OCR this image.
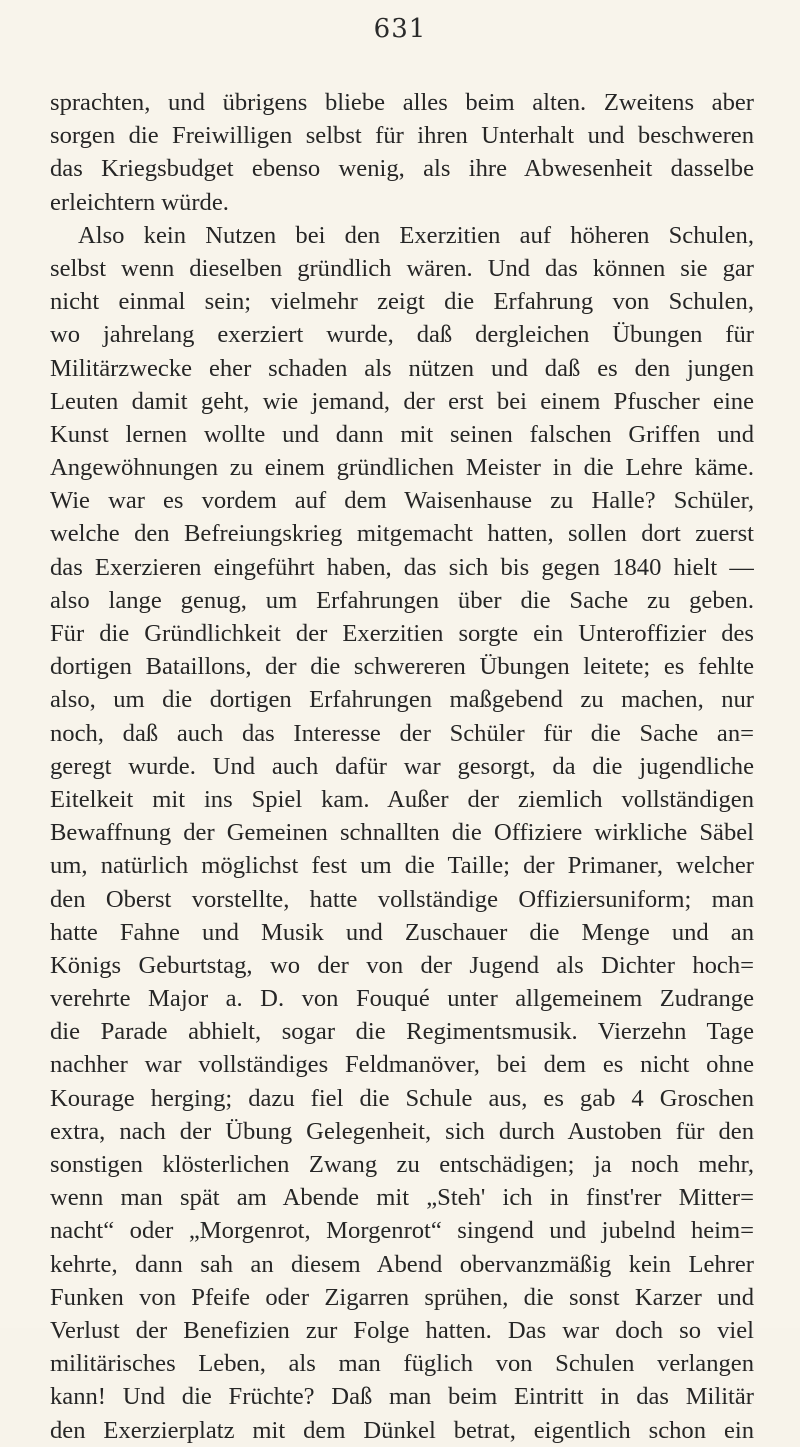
631
sprachten, und übrigens bliebe alles beim alten. Zweitens aber
sorgen die Freiwilligen selbst für ihren Unterhalt und beschweren
das Kriegsbudget ebenso wenig, als ihre Abwesenheit dasselbe
erleichtern würde.
Also kein Nutzen bei den Exerzitien auf höheren Schulen,
selbst wenn dieselben gründlich wären. Und das können sie gar
nicht einmal sein; vielmehr zeigt die Erfahrung von Schulen,
wo jahrelang exerziert wurde, daß dergleichen Übungen für
Militärzwecke eher schaden als nützen und daß es den jungen
Leuten damit geht, wie jemand, der erst bei einem Pfuscher eine
Kunst lernen wollte und dann mit seinen falschen Griffen und
Angewöhnungen zu einem gründlichen Meister in die Lehre käme.
Wie war es vordem auf dem Waisenhause zu Halle? Schüler,
welche den Befreiungskrieg mitgemacht hatten, sollen dort zuerst
das Exerzieren eingeführt haben, das sich bis gegen 1840 hielt —
also lange genug, um Erfahrungen über die Sache zu geben.
Für die Gründlichkeit der Exerzitien sorgte ein Unteroffizier des
dortigen Bataillons, der die schwereren Übungen leitete; es fehlte
also, um die dortigen Erfahrungen maßgebend zu machen, nur
noch, daß auch das Interesse der Schüler für die Sache an=
geregt wurde. Und auch dafür war gesorgt, da die jugendliche
Eitelkeit mit ins Spiel kam. Außer der ziemlich vollständigen
Bewaffnung der Gemeinen schnallten die Offiziere wirkliche Säbel
um, natürlich möglichst fest um die Taille; der Primaner, welcher
den Oberst vorstellte, hatte vollständige Offiziersuniform; man
hatte Fahne und Musik und Zuschauer die Menge und an
Königs Geburtstag, wo der von der Jugend als Dichter hoch=
verehrte Major a. D. von Fouqué unter allgemeinem Zudrange
die Parade abhielt, sogar die Regimentsmusik. Vierzehn Tage
nachher war vollständiges Feldmanöver, bei dem es nicht ohne
Kourage herging; dazu fiel die Schule aus, es gab 4 Groschen
extra, nach der Übung Gelegenheit, sich durch Austoben für den
sonstigen klösterlichen Zwang zu entschädigen; ja noch mehr,
wenn man spät am Abende mit „Steh' ich in finst'rer Mitter=
nacht“ oder „Morgenrot, Morgenrot“ singend und jubelnd heim=
kehrte, dann sah an diesem Abend obervanzmäßig kein Lehrer
Funken von Pfeife oder Zigarren sprühen, die sonst Karzer und
Verlust der Benefizien zur Folge hatten. Das war doch so viel
militärisches Leben, als man füglich von Schulen verlangen
kann! Und die Früchte? Daß man beim Eintritt in das Militär
den Exerzierplatz mit dem Dünkel betrat, eigentlich schon ein
